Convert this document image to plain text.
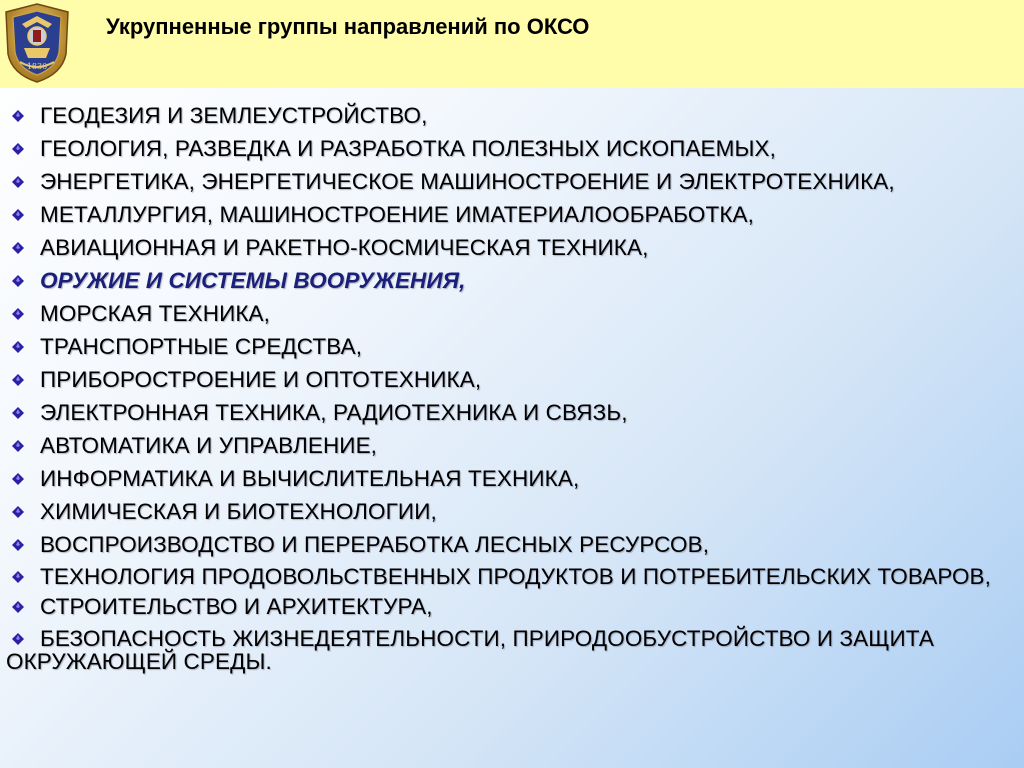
1830
Укрупненные группы направлений по ОКСО
ГЕОДЕЗИЯ И ЗЕМЛЕУСТРОЙСТВО,
ГЕОЛОГИЯ, РАЗВЕДКА И РАЗРАБОТКА ПОЛЕЗНЫХ ИСКОПАЕМЫХ,
ЭНЕРГЕТИКА, ЭНЕРГЕТИЧЕСКОЕ МАШИНОСТРОЕНИЕ И ЭЛЕКТРОТЕХНИКА,
МЕТАЛЛУРГИЯ, МАШИНОСТРОЕНИЕ ИМАТЕРИАЛООБРАБОТКА,
АВИАЦИОННАЯ И РАКЕТНО-КОСМИЧЕСКАЯ ТЕХНИКА,
ОРУЖИЕ И СИСТЕМЫ ВООРУЖЕНИЯ,
МОРСКАЯ ТЕХНИКА,
ТРАНСПОРТНЫЕ СРЕДСТВА,
ПРИБОРОСТРОЕНИЕ И ОПТОТЕХНИКА,
ЭЛЕКТРОННАЯ ТЕХНИКА, РАДИОТЕХНИКА И СВЯЗЬ,
АВТОМАТИКА И УПРАВЛЕНИЕ,
ИНФОРМАТИКА И ВЫЧИСЛИТЕЛЬНАЯ ТЕХНИКА,
ХИМИЧЕСКАЯ И БИОТЕХНОЛОГИИ,
ВОСПРОИЗВОДСТВО И ПЕРЕРАБОТКА ЛЕСНЫХ РЕСУРСОВ,
ТЕХНОЛОГИЯ ПРОДОВОЛЬСТВЕННЫХ ПРОДУКТОВ И ПОТРЕБИТЕЛЬСКИХ ТОВАРОВ,
СТРОИТЕЛЬСТВО И АРХИТЕКТУРА,
БЕЗОПАСНОСТЬ ЖИЗНЕДЕЯТЕЛЬНОСТИ, ПРИРОДООБУСТРОЙСТВО И ЗАЩИТА ОКРУЖАЮЩЕЙ СРЕДЫ.
